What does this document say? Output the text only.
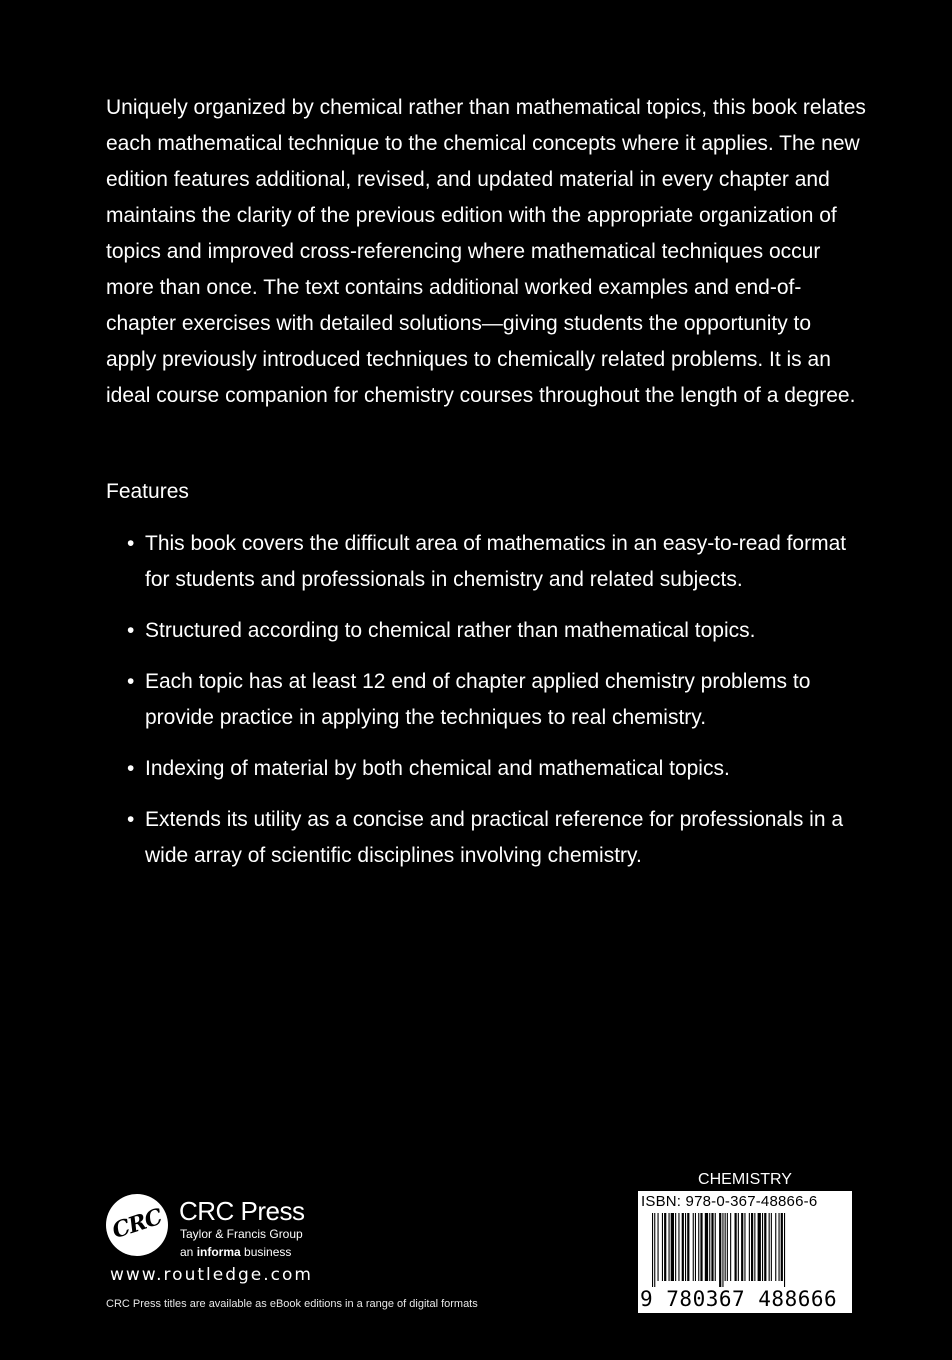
Uniquely organized by chemical rather than mathematical topics, this book relates each mathematical technique to the chemical concepts where it applies. The new edition features additional, revised, and updated material in every chapter and maintains the clarity of the previous edition with the appropriate organization of topics and improved cross-referencing where mathematical techniques occur more than once. The text contains additional worked examples and end-of-chapter exercises with detailed solutions—giving students the opportunity to apply previously introduced techniques to chemically related problems. It is an ideal course companion for chemistry courses throughout the length of a degree.

Features

• This book covers the difficult area of mathematics in an easy-to-read format for students and professionals in chemistry and related subjects.
• Structured according to chemical rather than mathematical topics.
• Each topic has at least 12 end of chapter applied chemistry problems to provide practice in applying the techniques to real chemistry.
• Indexing of material by both chemical and mathematical topics.
• Extends its utility as a concise and practical reference for professionals in a wide array of scientific disciplines involving chemistry.
CRC CRC Press
Taylor & Francis Group
an informa business
www.routledge.com
CRC Press titles are available as eBook editions in a range of digital formats
CHEMISTRY
ISBN: 978-0-367-48866-6
9 780367 488666
